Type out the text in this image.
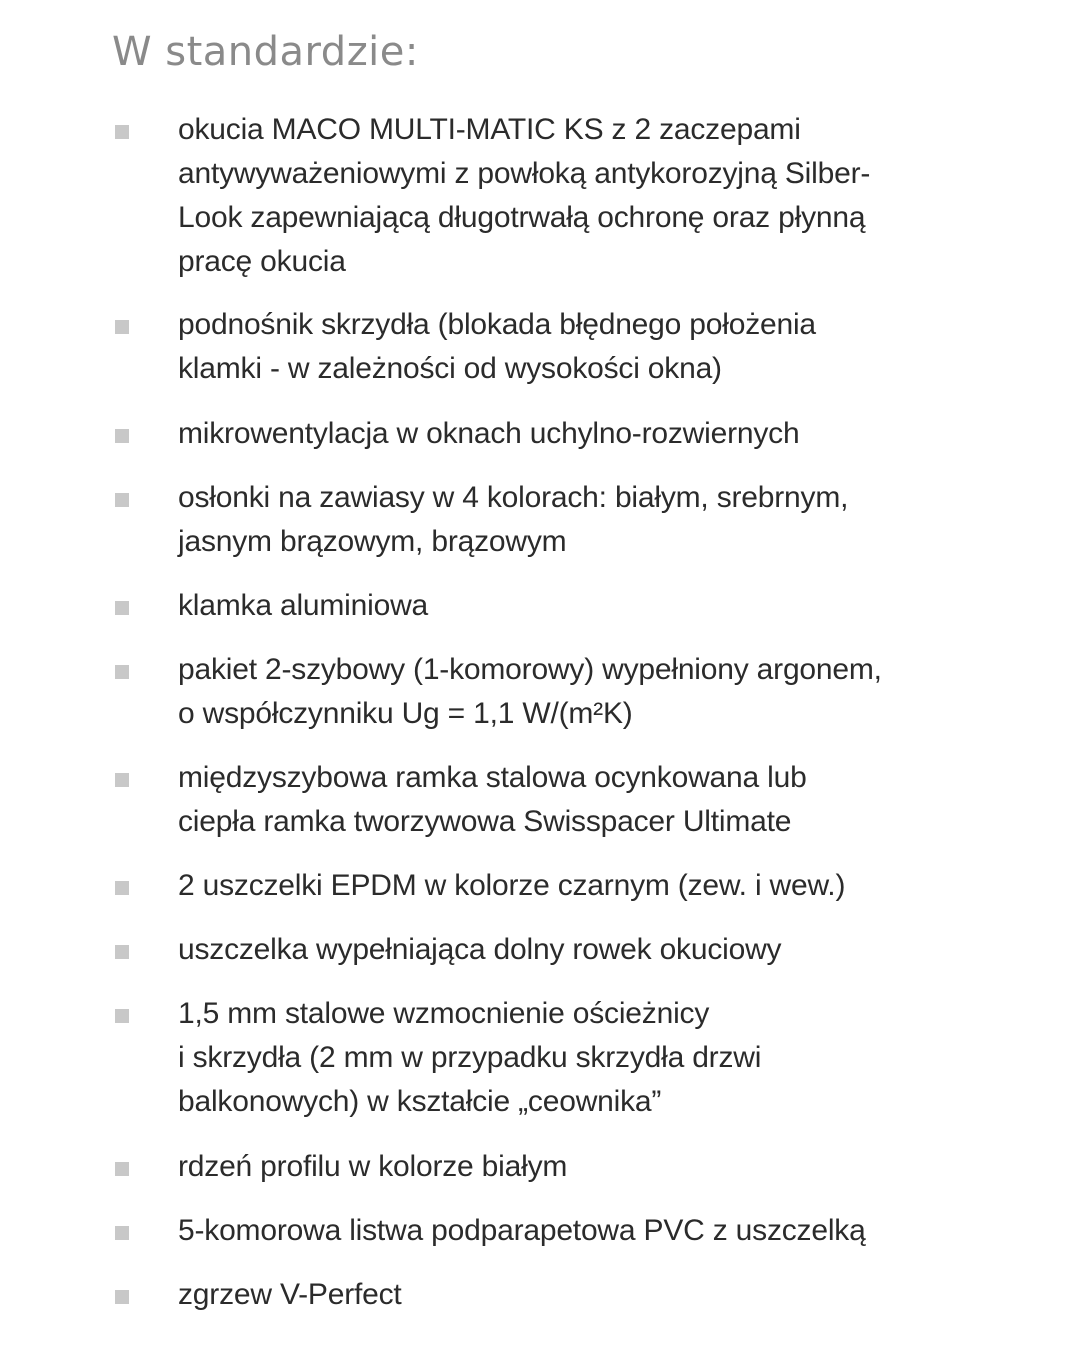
W standardzie:
okucia MACO MULTI-MATIC KS z 2 zaczepami
antywyważeniowymi z powłoką antykorozyjną Silber-
Look zapewniającą długotrwałą ochronę oraz płynną
pracę okucia
podnośnik skrzydła (blokada błędnego położenia
klamki - w zależności od wysokości okna)
mikrowentylacja w oknach uchylno-rozwiernych
osłonki na zawiasy w 4 kolorach: białym, srebrnym,
jasnym brązowym, brązowym
klamka aluminiowa
pakiet 2-szybowy (1-komorowy) wypełniony argonem,
o współczynniku Ug = 1,1 W/(m²K)
międzyszybowa ramka stalowa ocynkowana lub
ciepła ramka tworzywowa Swisspacer Ultimate
2 uszczelki EPDM w kolorze czarnym (zew. i wew.)
uszczelka wypełniająca dolny rowek okuciowy
1,5 mm stalowe wzmocnienie ościeżnicy
i skrzydła (2 mm w przypadku skrzydła drzwi
balkonowych) w kształcie „ceownika”
rdzeń profilu w kolorze białym
5-komorowa listwa podparapetowa PVC z uszczelką
zgrzew V-Perfect
